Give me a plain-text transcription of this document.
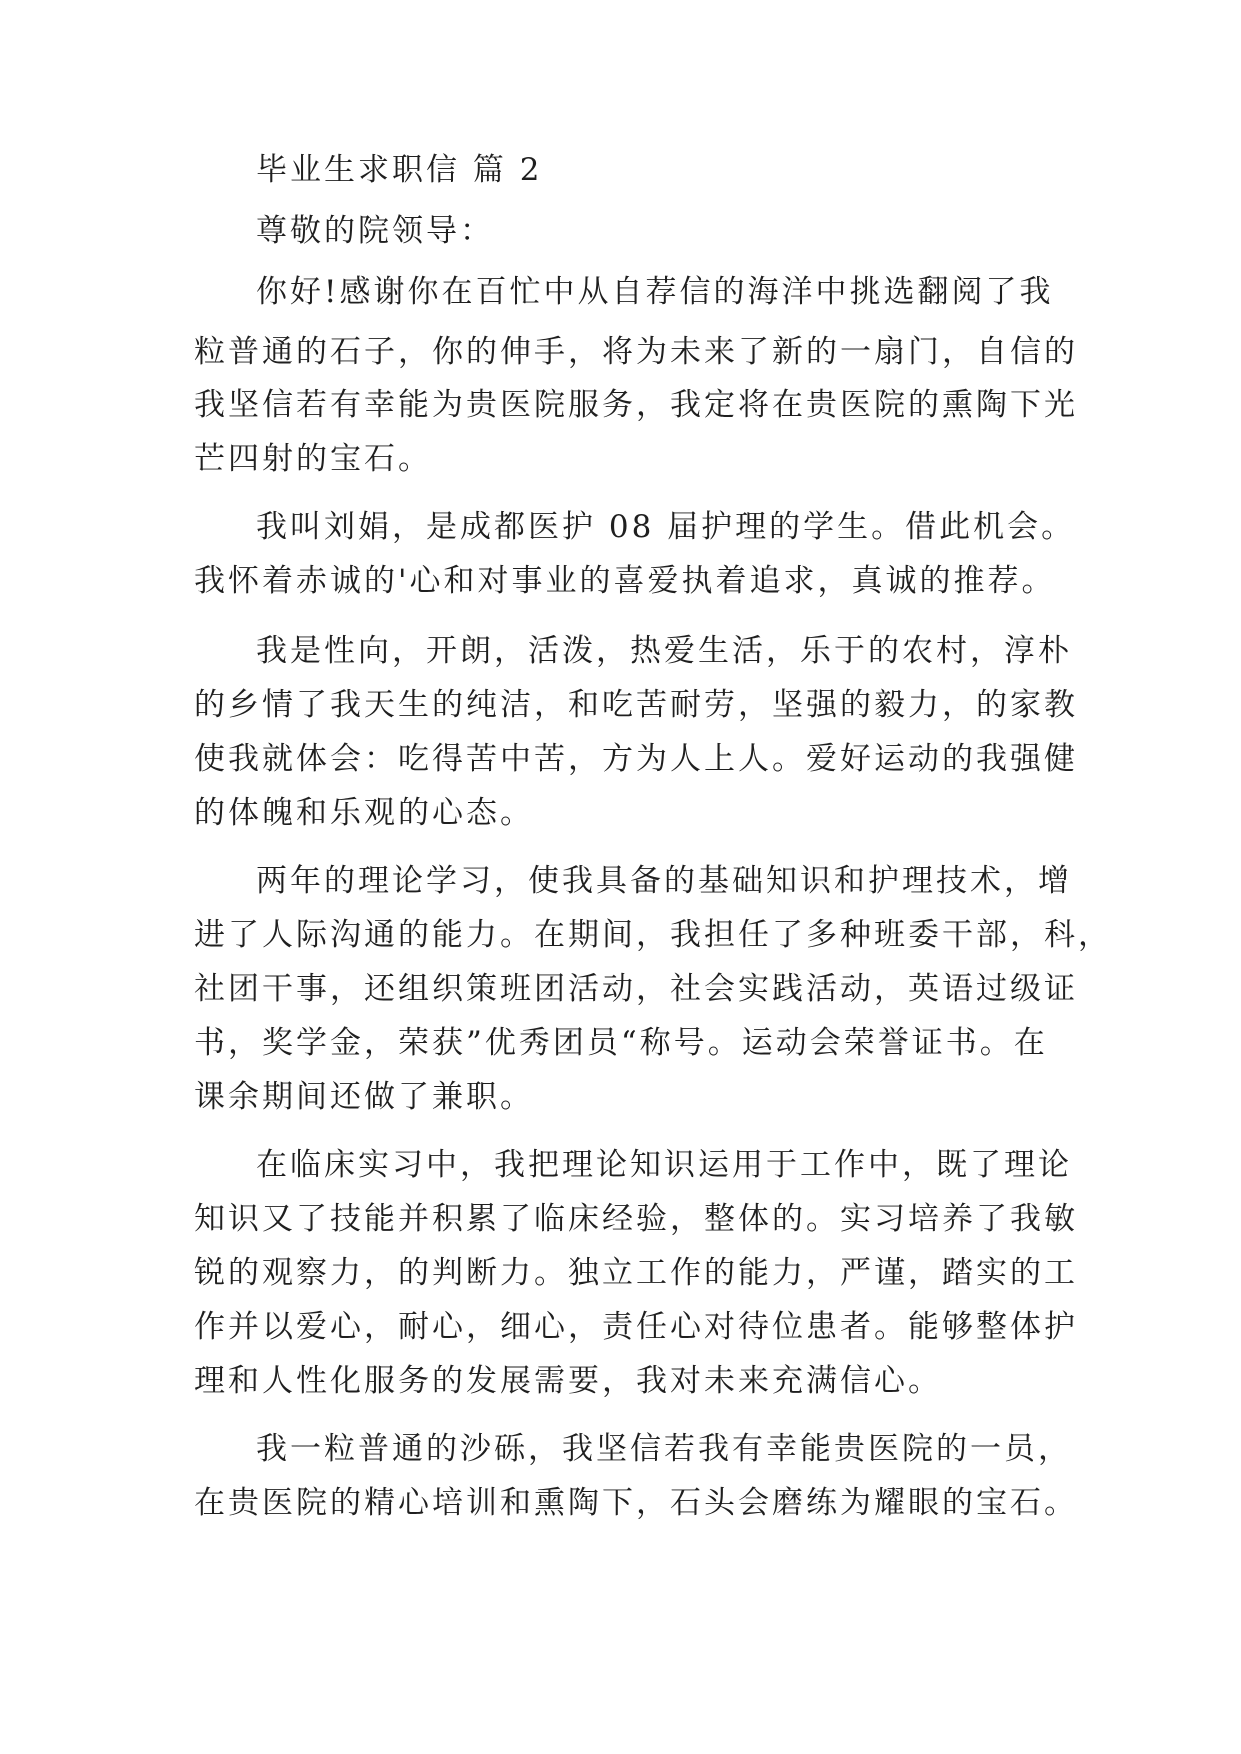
毕业生求职信 篇 2
尊敬的院领导：
你好!感谢你在百忙中从自荐信的海洋中挑选翻阅了我
粒普通的石子，你的伸手，将为未来了新的一扇门，自信的
我坚信若有幸能为贵医院服务，我定将在贵医院的熏陶下光
芒四射的宝石。
我叫刘娟，是成都医护 08 届护理的学生。借此机会。
我怀着赤诚的'心和对事业的喜爱执着追求，真诚的推荐。
我是性向，开朗，活泼，热爱生活，乐于的农村，淳朴
的乡情了我天生的纯洁，和吃苦耐劳，坚强的毅力，的家教
使我就体会：吃得苦中苦，方为人上人。爱好运动的我强健
的体魄和乐观的心态。
两年的理论学习，使我具备的基础知识和护理技术，增
进了人际沟通的能力。在期间，我担任了多种班委干部，科，
社团干事，还组织策班团活动，社会实践活动，英语过级证
书，奖学金，荣获”优秀团员“称号。运动会荣誉证书。在
课余期间还做了兼职。
在临床实习中，我把理论知识运用于工作中，既了理论
知识又了技能并积累了临床经验，整体的。实习培养了我敏
锐的观察力，的判断力。独立工作的能力，严谨，踏实的工
作并以爱心，耐心，细心，责任心对待位患者。能够整体护
理和人性化服务的发展需要，我对未来充满信心。
我一粒普通的沙砾，我坚信若我有幸能贵医院的一员，
在贵医院的精心培训和熏陶下，石头会磨练为耀眼的宝石。
